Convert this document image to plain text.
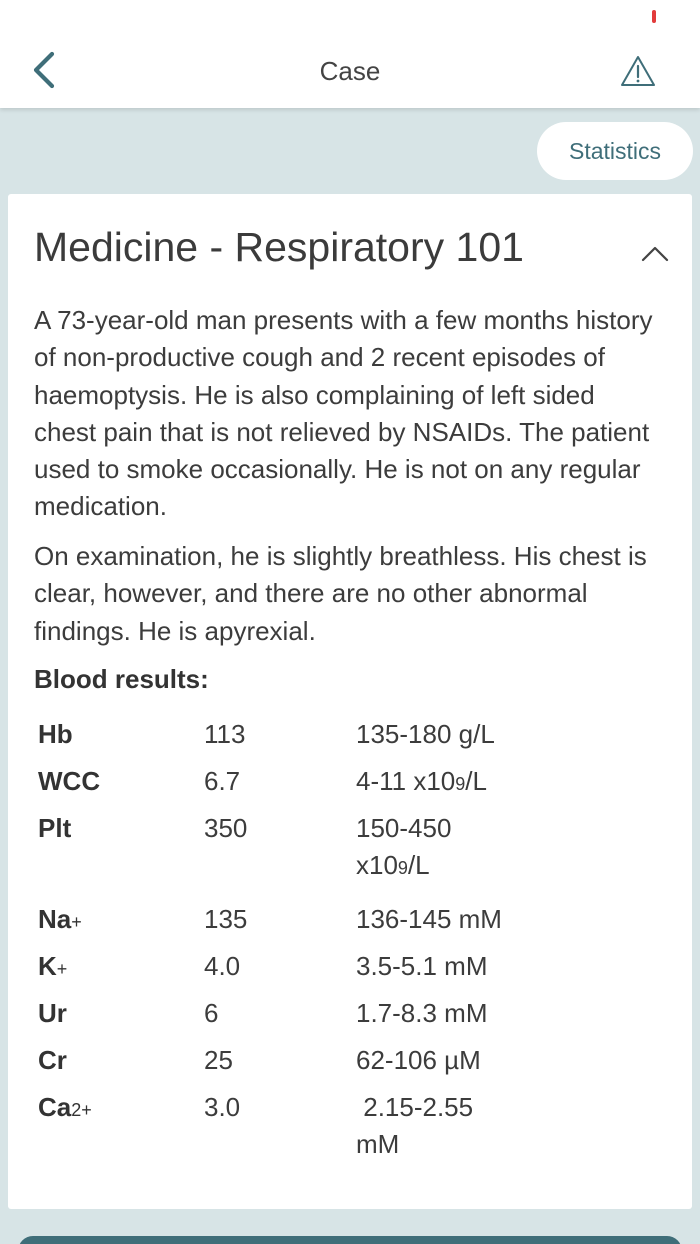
Case
Statistics
Medicine - Respiratory 101
A 73-year-old man presents with a few months history of non-productive cough and 2 recent episodes of haemoptysis. He is also complaining of left sided chest pain that is not relieved by NSAIDs. The patient used to smoke occasionally. He is not on any regular medication.
On examination, he is slightly breathless. His chest is clear, however, and there are no other abnormal findings. He is apyrexial.
Blood results:
Hb	113	135-180 g/L
WCC	6.7	4-11 x109/L
Plt	350	150-450 x109/L
Na+	135	136-145 mM
K+	4.0	3.5-5.1 mM
Ur	6	1.7-8.3 mM
Cr	25	62-106 µM
Ca2+	3.0	2.15-2.55 mM
